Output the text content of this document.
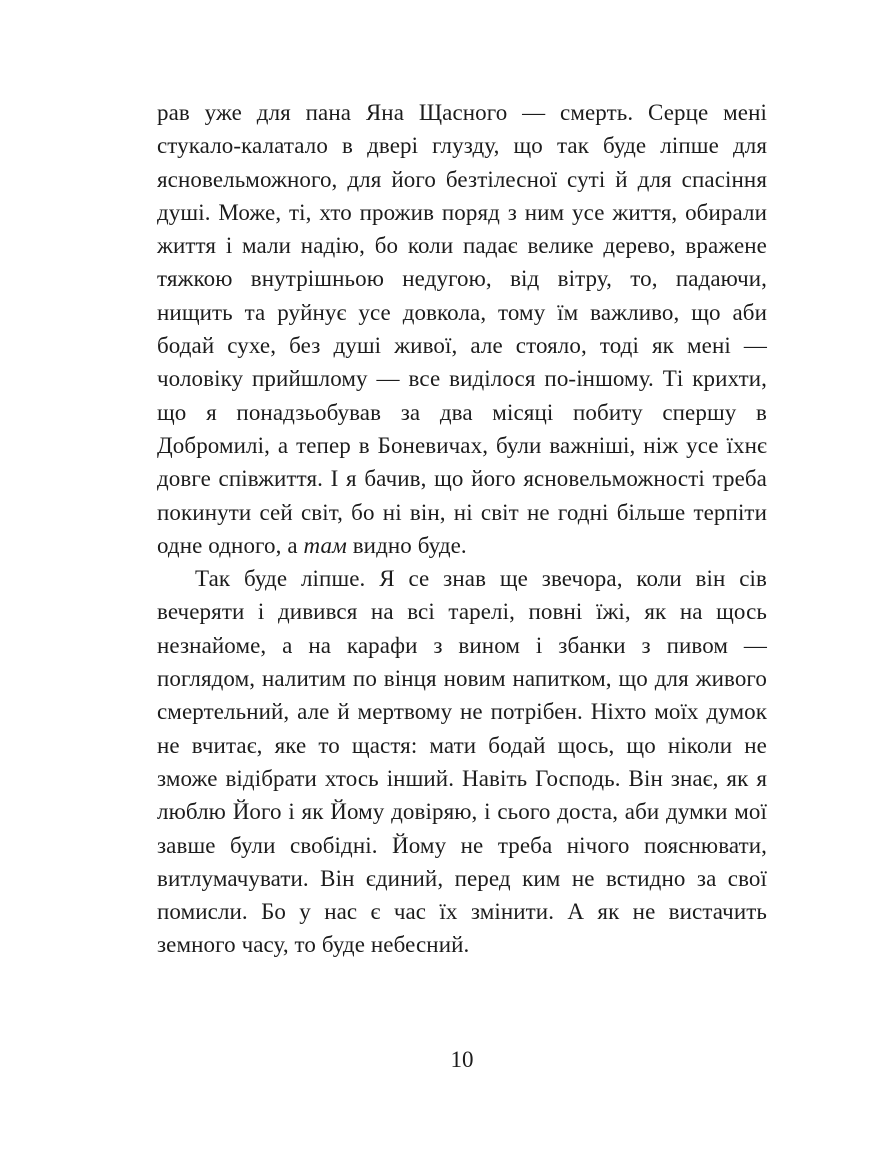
рав уже для пана Яна Щасного — смерть. Серце мені стукало-калатало в двері глузду, що так буде ліпше для ясновельможного, для його безтілесної суті й для спасіння душі. Може, ті, хто прожив поряд з ним усе життя, обирали життя і мали надію, бо коли падає велике дерево, вражене тяжкою внутрішньою недугою, від вітру, то, падаючи, нищить та руйнує усе довкола, тому їм важливо, що аби бодай сухе, без душі живої, але стояло, тоді як мені — чоловіку прийшлому — все виділося по-іншому. Ті крихти, що я понадзьобував за два місяці побиту спершу в Добромилі, а тепер в Боневичах, були важніші, ніж усе їхнє довге співжиття. І я бачив, що його ясновельможності треба покинути сей світ, бо ні він, ні світ не годні більше терпіти одне одного, а там видно буде.

Так буде ліпше. Я се знав ще звечора, коли він сів вечеряти і дивився на всі тарелі, повні їжі, як на щось незнайоме, а на карафи з вином і збанки з пивом — поглядом, налитим по вінця новим напитком, що для живого смертельний, але й мертвому не потрібен. Ніхто моїх думок не вчитає, яке то щастя: мати бодай щось, що ніколи не зможе відібрати хтось інший. Навіть Господь. Він знає, як я люблю Його і як Йому довіряю, і сього доста, аби думки мої завше були свобідні. Йому не треба нічого пояснювати, витлумачувати. Він єдиний, перед ким не встидно за свої помисли. Бо у нас є час їх змінити. А як не вистачить земного часу, то буде небесний.

10
